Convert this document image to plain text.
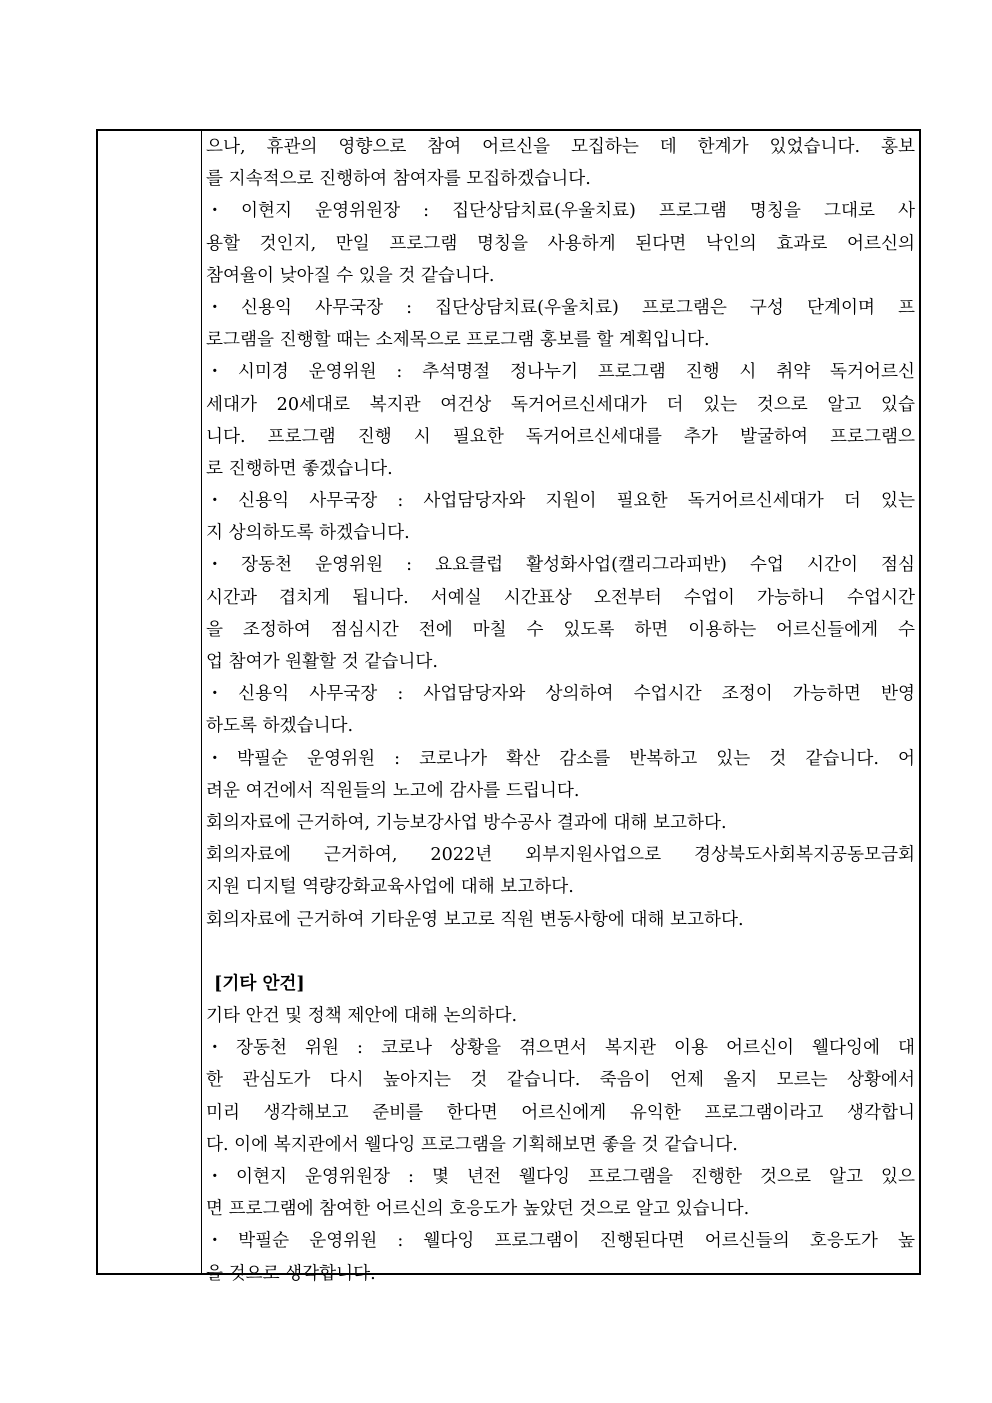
으나, 휴관의 영향으로 참여 어르신을 모집하는 데 한계가 있었습니다. 홍보
를 지속적으로 진행하여 참여자를 모집하겠습니다.
・이현지 운영위원장 : 집단상담치료(우울치료) 프로그램 명칭을 그대로 사
용할 것인지, 만일 프로그램 명칭을 사용하게 된다면 낙인의 효과로 어르신의
참여율이 낮아질 수 있을 것 같습니다.
・신용익 사무국장 : 집단상담치료(우울치료) 프로그램은 구성 단계이며 프
로그램을 진행할 때는 소제목으로 프로그램 홍보를 할 계획입니다.
・시미경 운영위원 : 추석명절 정나누기 프로그램 진행 시 취약 독거어르신
세대가 20세대로 복지관 여건상 독거어르신세대가 더 있는 것으로 알고 있습
니다. 프로그램 진행 시 필요한 독거어르신세대를 추가 발굴하여 프로그램으
로 진행하면 좋겠습니다.
・신용익 사무국장 : 사업담당자와 지원이 필요한 독거어르신세대가 더 있는
지 상의하도록 하겠습니다.
・장동천 운영위원 : 요요클럽 활성화사업(캘리그라피반) 수업 시간이 점심
시간과 겹치게 됩니다. 서예실 시간표상 오전부터 수업이 가능하니 수업시간
을 조정하여 점심시간 전에 마칠 수 있도록 하면 이용하는 어르신들에게 수
업 참여가 원활할 것 같습니다.
・신용익 사무국장 : 사업담당자와 상의하여 수업시간 조정이 가능하면 반영
하도록 하겠습니다.
・박필순 운영위원 : 코로나가 확산 감소를 반복하고 있는 것 같습니다. 어
려운 여건에서 직원들의 노고에 감사를 드립니다.
회의자료에 근거하여, 기능보강사업 방수공사 결과에 대해 보고하다.
회의자료에 근거하여, 2022년 외부지원사업으로 경상북도사회복지공동모금회
지원 디지털 역량강화교육사업에 대해 보고하다.
회의자료에 근거하여 기타운영 보고로 직원 변동사항에 대해 보고하다.
[기타 안건]
기타 안건 및 정책 제안에 대해 논의하다.
・장동천 위원 : 코로나 상황을 겪으면서 복지관 이용 어르신이 웰다잉에 대
한 관심도가 다시 높아지는 것 같습니다. 죽음이 언제 올지 모르는 상황에서
미리 생각해보고 준비를 한다면 어르신에게 유익한 프로그램이라고 생각합니
다. 이에 복지관에서 웰다잉 프로그램을 기획해보면 좋을 것 같습니다.
・이현지 운영위원장 : 몇 년전 웰다잉 프로그램을 진행한 것으로 알고 있으
면 프로그램에 참여한 어르신의 호응도가 높았던 것으로 알고 있습니다.
・박필순 운영위원 : 웰다잉 프로그램이 진행된다면 어르신들의 호응도가 높
을 것으로 생각합니다.
